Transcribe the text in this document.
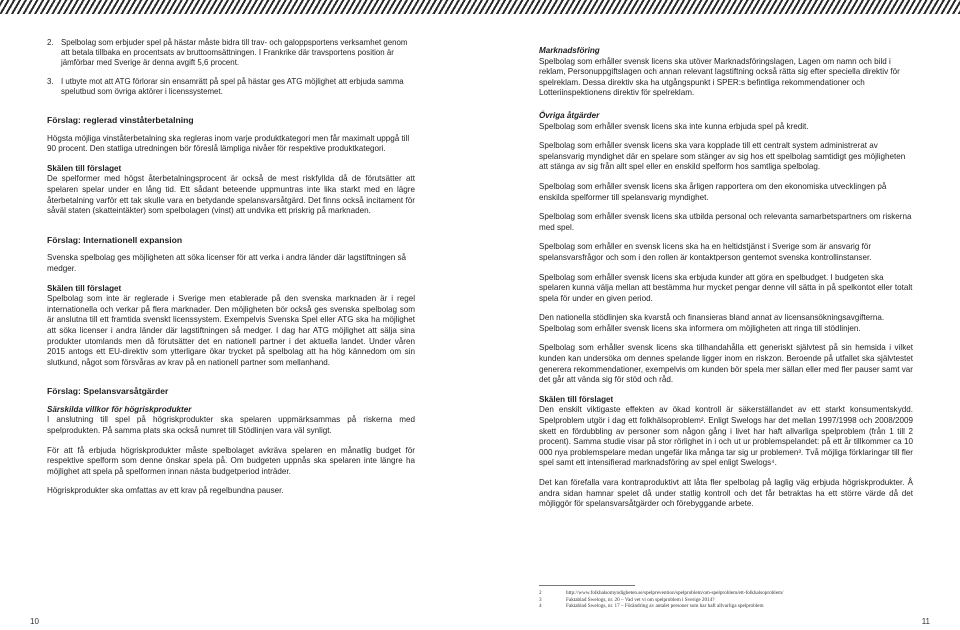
2. Spelbolag som erbjuder spel på hästar måste bidra till trav- och galoppsportens verksamhet genom att betala tillbaka en procentsats av bruttoomsättningen. I Frankrike där travsportens position är jämförbar med Sverige är denna avgift 5,6 procent.
3. I utbyte mot att ATG förlorar sin ensamrätt på spel på hästar ges ATG möjlighet att erbjuda samma spelutbud som övriga aktörer i licenssystemet.
Förslag: reglerad vinståterbetalning

Högsta möjliga vinståterbetalning ska regleras inom varje produktkategori men får maximalt uppgå till 90 procent. Den statliga utredningen bör föreslå lämpliga nivåer för respektive produktkategori.

Skälen till förslaget

De spelformer med högst återbetalningsprocent är också de mest riskfyllda då de förutsätter att spelaren spelar under en lång tid. Ett sådant beteende uppmuntras inte lika starkt med en lägre återbetalning varför ett tak skulle vara en betydande spelansvarsåtgärd. Det finns också incitament för såväl staten (skatteintäkter) som spelbolagen (vinst) att undvika ett priskrig på marknaden.

Förslag: Internationell expansion

Svenska spelbolag ges möjligheten att söka licenser för att verka i andra länder där lagstiftningen så medger.

Skälen till förslaget

Spelbolag som inte är reglerade i Sverige men etablerade på den svenska marknaden är i regel internationella och verkar på flera marknader. Den möjligheten bör också ges svenska spelbolag som är anslutna till ett framtida svenskt licenssystem. Exempelvis Svenska Spel eller ATG ska ha möjlighet att söka licenser i andra länder där lagstiftningen så medger. I dag har ATG möjlighet att sälja sina produkter utomlands men då förutsätter det en nationell partner i det aktuella landet. Under våren 2015 antogs ett EU-direktiv som ytterligare ökar trycket på spelbolag att ha hög kännedom om sin slutkund, något som försvåras av krav på en nationell partner som mellanhand.

Förslag: Spelansvarsåtgärder
Särskilda villkor för högriskprodukter

I anslutning till spel på högriskprodukter ska spelaren uppmärksammas på riskerna med spelprodukten. På samma plats ska också numret till Stödlinjen vara väl synligt.

För att få erbjuda högriskprodukter måste spelbolaget avkräva spelaren en månatlig budget för respektive spelform som denne önskar spela på. Om budgeten uppnås ska spelaren inte längre ha möjlighet att spela på spelformen innan nästa budgetperiod inträder.

Högriskprodukter ska omfattas av ett krav på regelbundna pauser.

10
Marknadsföring

Spelbolag som erhåller svensk licens ska utöver Marknadsföringslagen, Lagen om namn och bild i reklam, Personuppgiftslagen och annan relevant lagstiftning också rätta sig efter speciella direktiv för spelreklam. Dessa direktiv ska ha utgångspunkt i SPER:s befintliga rekommendationer och Lotteriinspektionens direktiv för spelreklam.

Övriga åtgärder

Spelbolag som erhåller svensk licens ska inte kunna erbjuda spel på kredit.

Spelbolag som erhåller svensk licens ska vara kopplade till ett centralt system administrerat av spelansvarig myndighet där en spelare som stänger av sig hos ett spelbolag samtidigt ges möjligheten att stänga av sig från allt spel eller en enskild spelform hos samtliga spelbolag.

Spelbolag som erhåller svensk licens ska årligen rapportera om den ekonomiska utvecklingen på enskilda spelformer till spelansvarig myndighet.

Spelbolag som erhåller svensk licens ska utbilda personal och relevanta samarbetspartners om riskerna med spel.

Spelbolag som erhåller en svensk licens ska ha en heltidstjänst i Sverige som är ansvarig för spelansvarsfrågor och som i den rollen är kontaktperson gentemot svenska kontrollinstanser.

Spelbolag som erhåller svensk licens ska erbjuda kunder att göra en spelbudget. I budgeten ska spelaren kunna välja mellan att bestämma hur mycket pengar denne vill sätta in på spelkontot eller totalt spela för under en given period.

Den nationella stödlinjen ska kvarstå och finansieras bland annat av licensansökningsavgifterna. Spelbolag som erhåller svensk licens ska informera om möjligheten att ringa till stödlinjen.

Spelbolag som erhåller svensk licens ska tillhandahålla ett generiskt självtest på sin hemsida i vilket kunden kan undersöka om dennes spelande ligger inom en riskzon. Beroende på utfallet ska självtestet generera rekommendationer, exempelvis om kunden bör spela mer sällan eller med fler pauser samt var det går att vända sig för stöd och råd.

Skälen till förslaget

Den enskilt viktigaste effekten av ökad kontroll är säkerställandet av ett starkt konsumentskydd. Spelproblem utgör i dag ett folkhälsoproblem². Enligt Swelogs har det mellan 1997/1998 och 2008/2009 skett en fördubbling av personer som någon gång i livet har haft allvarliga spelproblem (från 1 till 2 procent). Samma studie visar på stor rörlighet in i och ut ur problemspelandet: på ett år tillkommer ca 10 000 nya problemspelare medan ungefär lika många tar sig ur problemen³. Två möjliga förklaringar till fler spel samt ett intensifierad marknadsföring av spel enligt Swelogs⁴.

Det kan förefalla vara kontraproduktivt att låta fler spelbolag på laglig väg erbjuda högriskprodukter. Å andra sidan hamnar spelet då under statlig kontroll och det får betraktas ha ett större värde då det möjliggör för spelansvarsåtgärder och förebyggande arbete.

2	http://www.folkhalsomyndigheten.se/spelprevention/spelproblem/om-spelproblem/ett-folkhalsoproblem/
3	Faktablad Swelogs, nr. 20 – Vad vet vi om spelproblem i Sverige 2014?
4	Faktablad Swelogs, nr. 17 – Förändring av antalet personer som har haft allvarliga spelproblem
11
